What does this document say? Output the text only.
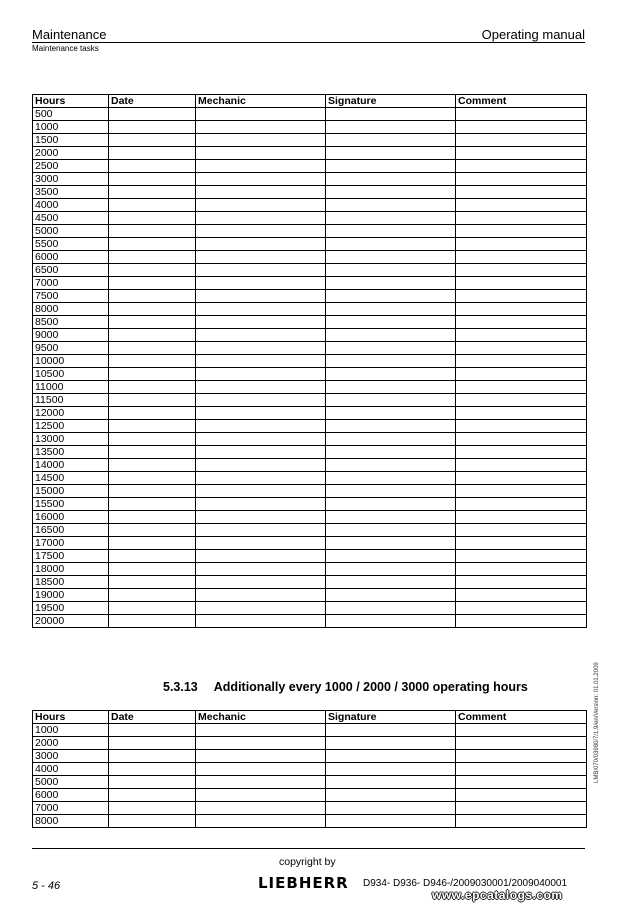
Maintenance	Operating manual
Maintenance tasks
Hours	Date	Mechanic	Signature	Comment
500				
1000				
1500				
2000				
2500				
3000				
3500				
4000				
4500				
5000				
5500				
6000				
6500				
7000				
7500				
8000				
8500				
9000				
9500				
10000				
10500				
11000				
11500				
12000				
12500				
13000				
13500				
14000				
14500				
15000				
15500				
16000				
16500				
17000				
17500				
18000				
18500				
19000				
19500				
20000				
5.3.13 Additionally every 1000 / 2000 / 3000 operating hours	LMB/070/03980/7/1.9/en/Version: 01.01.2009
Hours	Date	Mechanic	Signature	Comment
1000				
2000				
3000				
4000				
5000				
6000				
7000				
8000				
copyright by
5 - 46	LIEBHERR D934- D936- D946-/2009030001/2009040001
www.epcatalogs.com
